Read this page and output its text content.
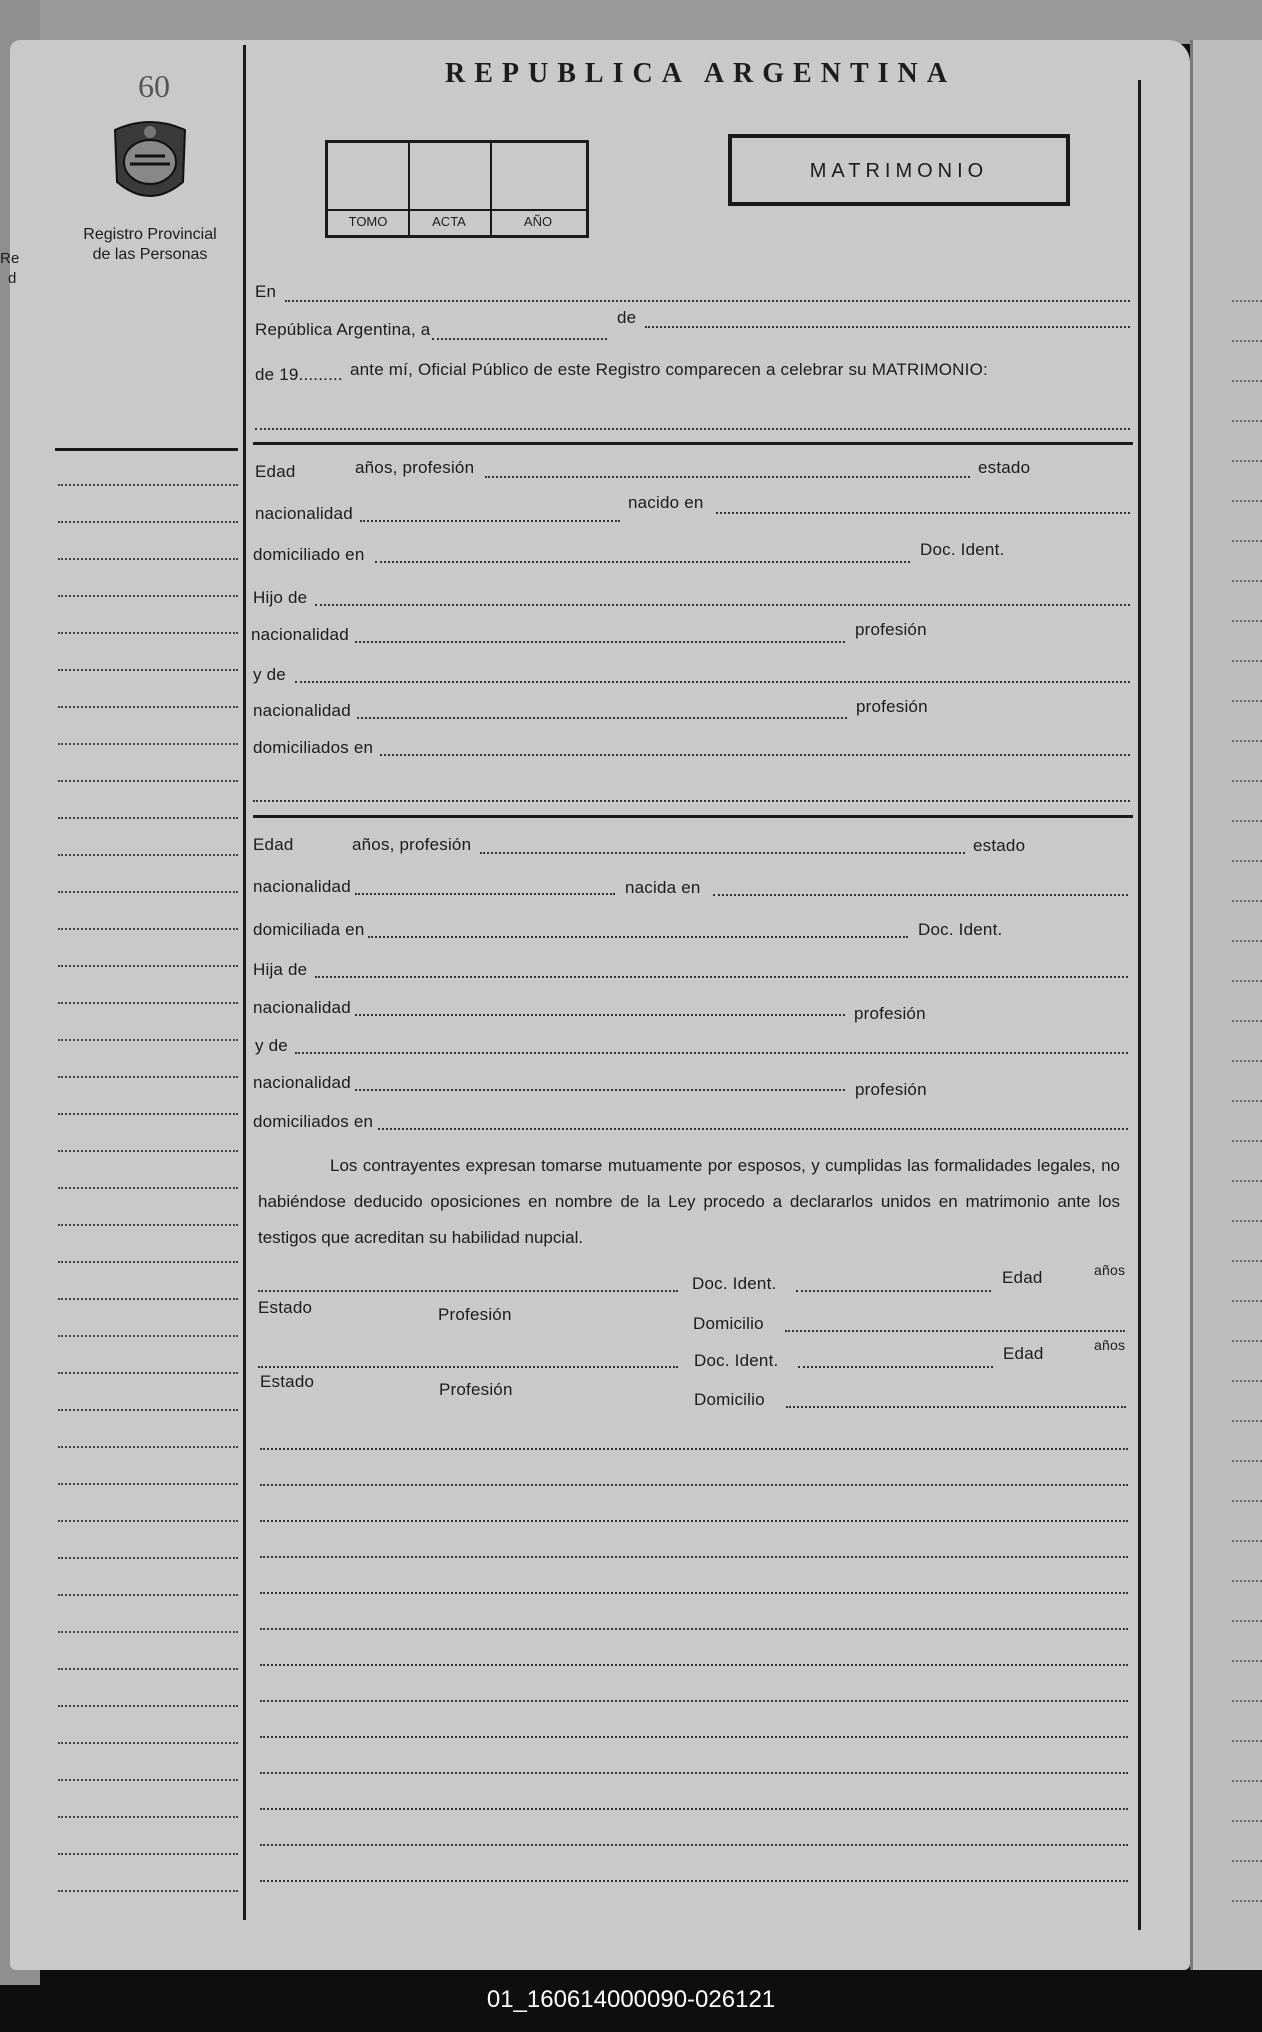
Re
d
60
Registro Provincial
de las Personas
REPUBLICA ARGENTINA
TOMO	ACTA	AÑO
MATRIMONIO
En
República Argentina, a
de
de 19......... ante mí, Oficial Público de este Registro comparecen a celebrar su MATRIMONIO:
Edad	años, profesión	estado
nacionalidad
nacido en
domiciliado en	Doc. Ident.
Hijo de
nacionalidad	profesión
y de
nacionalidad	profesión
domiciliados en
Edad	años, profesión	estado
nacionalidad	nacida en
domiciliada en	Doc. Ident.
Hija de
nacionalidad	profesión
y de
nacionalidad	profesión
domiciliados en
Los contrayentes expresan tomarse mutuamente por esposos, y cumplidas las formalidades legales, no habiéndose deducido oposiciones en nombre de la Ley procedo a declararlos unidos en matrimonio ante los testigos que acreditan su habilidad nupcial.
Doc. Ident.	Edad	años
Estado	Profesión	Domicilio
Doc. Ident.	Edad	años
Estado	Profesión
Domicilio
01_160614000090-026121
